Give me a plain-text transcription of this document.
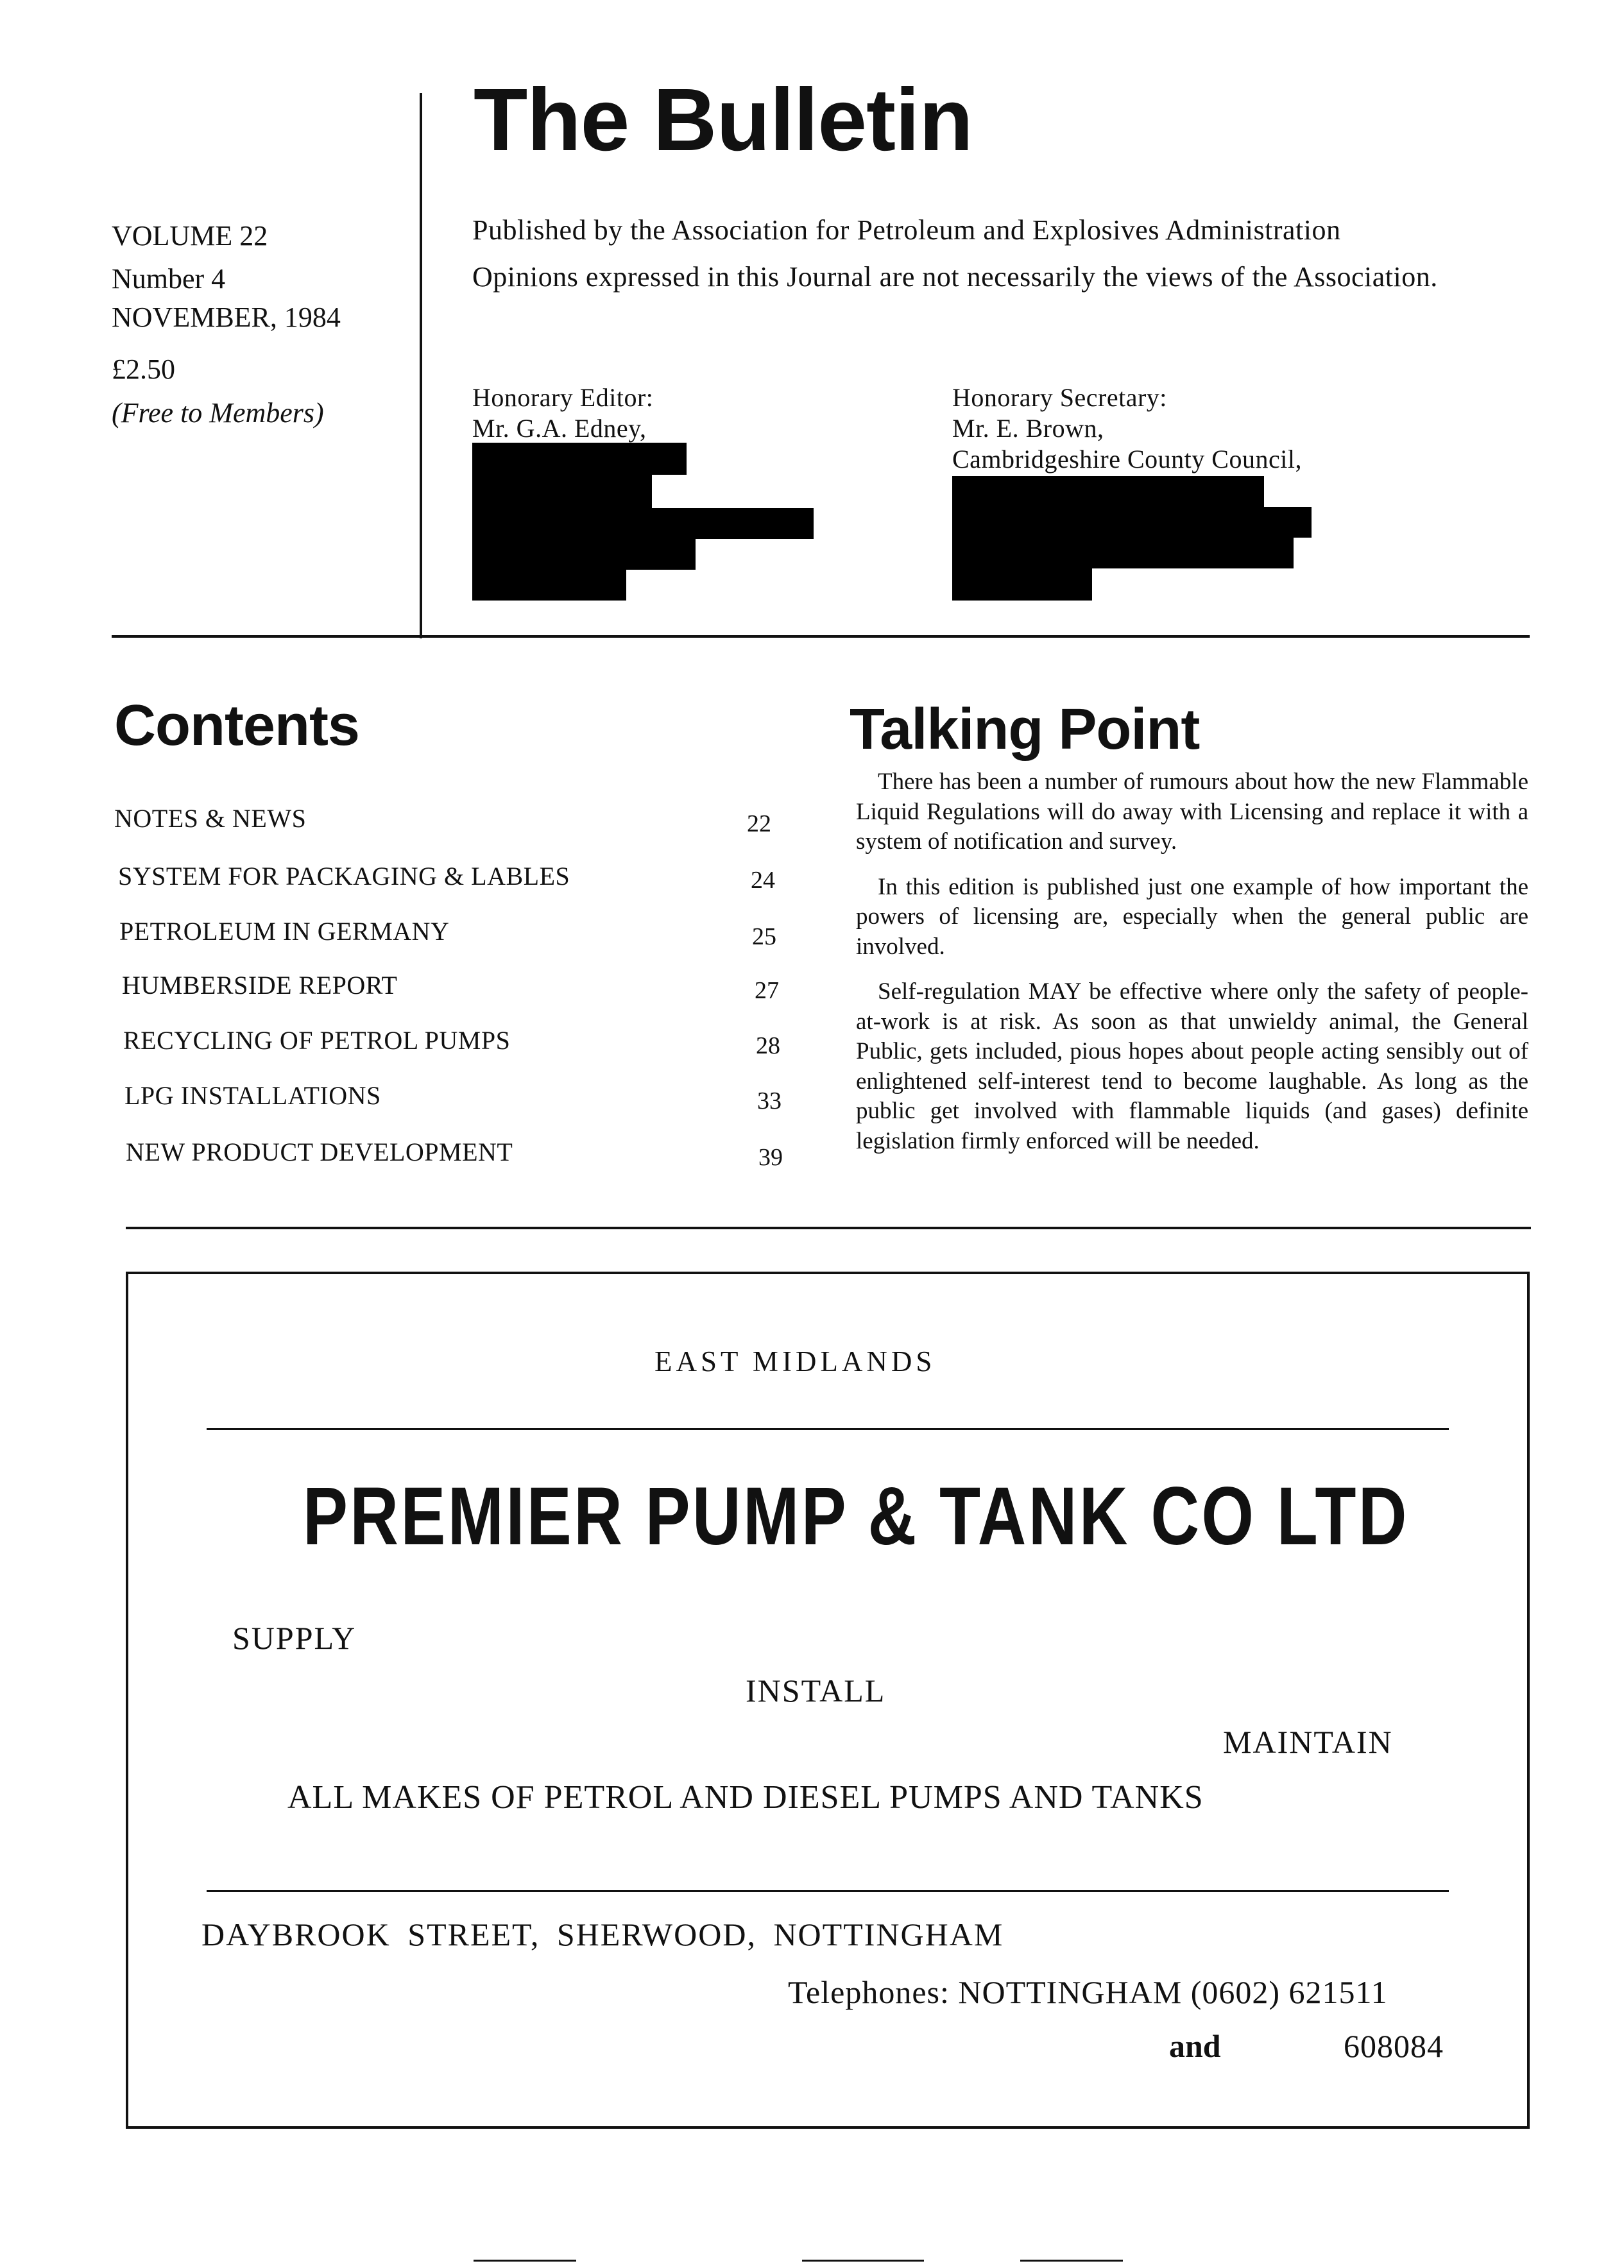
The Bulletin
VOLUME 22
Number 4
NOVEMBER, 1984
£2.50
(Free to Members)
Published by the Association for Petroleum and Explosives Administration
Opinions expressed in this Journal are not necessarily the views of the Association.
Honorary Editor:
Mr. G.A. Edney,
Honorary Secretary:
Mr. E. Brown,
Cambridgeshire County Council,
Contents
NOTES & NEWS	22
SYSTEM FOR PACKAGING & LABLES	24
PETROLEUM IN GERMANY	25
HUMBERSIDE REPORT	27
RECYCLING OF PETROL PUMPS	28
LPG INSTALLATIONS	33
NEW PRODUCT DEVELOPMENT	39
Talking Point

There has been a number of rumours about how the new Flammable Liquid Regulations will do away with Licensing and replace it with a system of notification and survey.

In this edition is published just one example of how important the powers of licensing are, especially when the general public are involved.

Self-regulation MAY be effective where only the safety of people-at-work is at risk. As soon as that unwieldy animal, the General Public, gets included, pious hopes about people acting sensibly out of enlightened self-interest tend to become laughable. As long as the public get involved with flammable liquids (and gases) definite legislation firmly enforced will be needed.

EAST MIDLANDS
PREMIER PUMP & TANK CO LTD
SUPPLY
INSTALL
MAINTAIN
ALL MAKES OF PETROL AND DIESEL PUMPS AND TANKS
DAYBROOK STREET, SHERWOOD, NOTTINGHAM
Telephones: NOTTINGHAM (0602) 621511
and	608084
